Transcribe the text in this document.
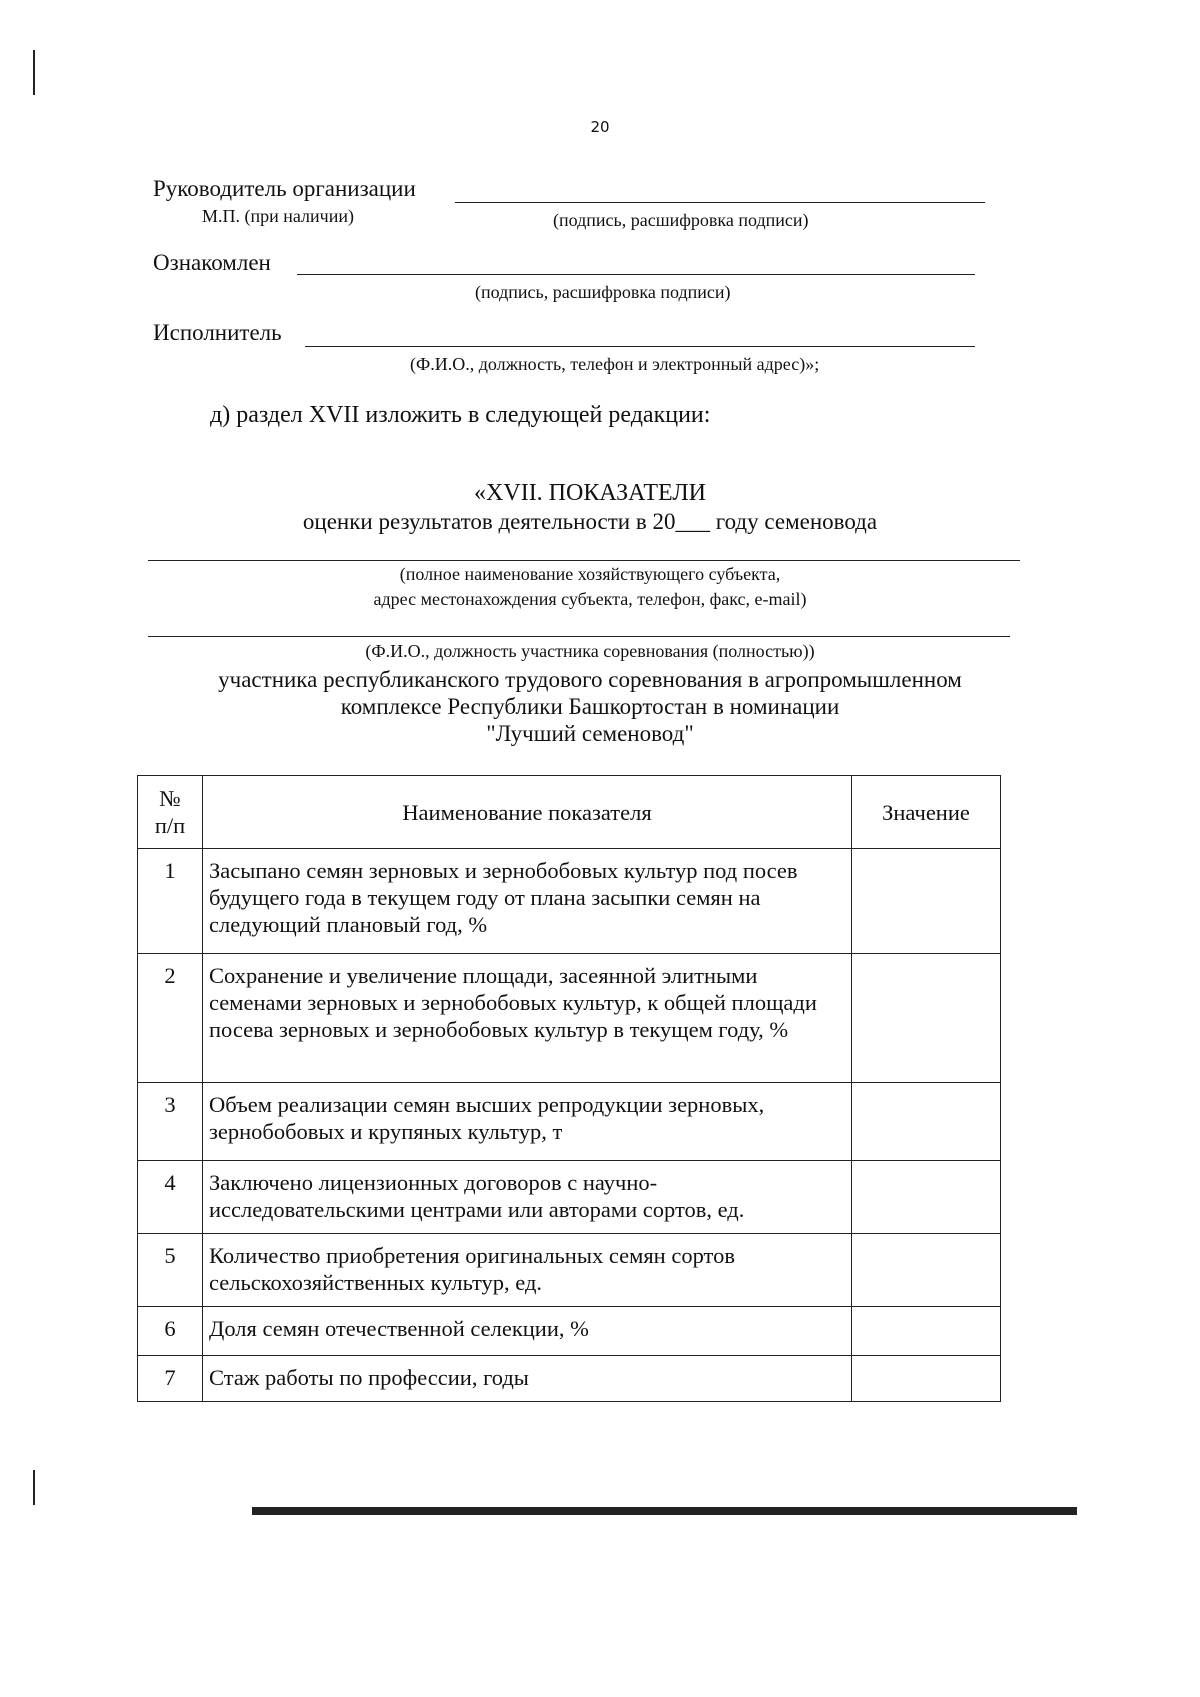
20
Руководитель организации
М.П. (при наличии)	(подпись, расшифровка подписи)
Ознакомлен
(подпись, расшифровка подписи)
Исполнитель
(Ф.И.О., должность, телефон и электронный адрес)»;
д) раздел XVII изложить в следующей редакции:
«XVII. ПОКАЗАТЕЛИ
оценки результатов деятельности в 20___ году семеновода
(полное наименование хозяйствующего субъекта,
адрес местонахождения субъекта, телефон, факс, e-mail)
(Ф.И.О., должность участника соревнования (полностью))
участника республиканского трудового соревнования в агропромышленном
комплексе Республики Башкортостан в номинации
"Лучший семеновод"
№
п/п	Наименование показателя	Значение
1	Засыпано семян зерновых и зернобобовых культур под посев будущего года в текущем году от плана засыпки семян на следующий плановый год, %	
2	Сохранение и увеличение площади, засеянной элитными семенами зерновых и зернобобовых культур, к общей площади посева зерновых и зернобобовых культур в текущем году, %	
3	Объем реализации семян высших репродукции зерновых, зернобобовых и крупяных культур, т	
4	Заключено лицензионных договоров с научно-исследовательскими центрами или авторами сортов, ед.	
5	Количество приобретения оригинальных семян сортов сельскохозяйственных культур, ед.	
6	Доля семян отечественной селекции, %	
7	Стаж работы по профессии, годы	
